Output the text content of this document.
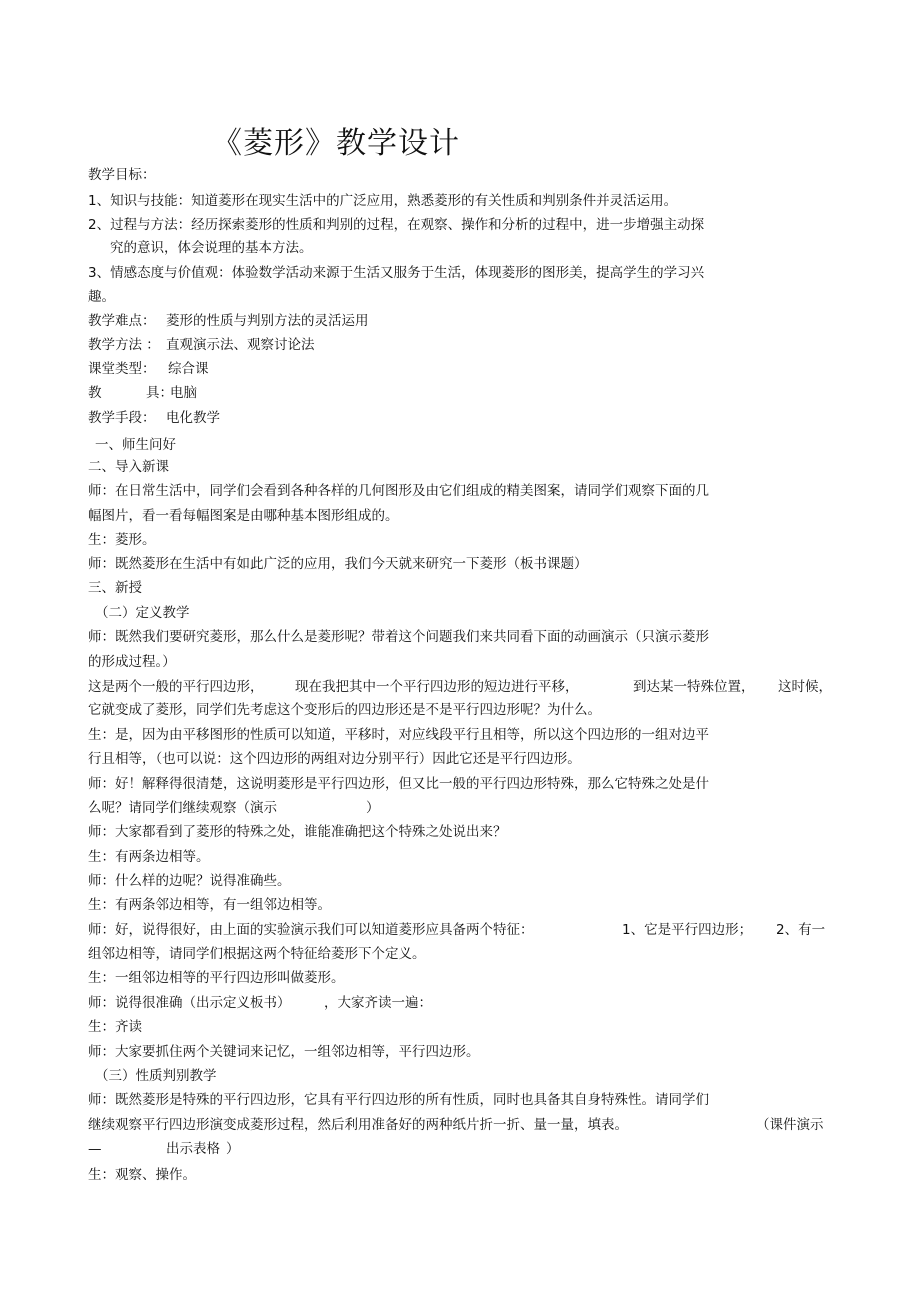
《菱形》教学设计
教学目标：
1、知识与技能：知道菱形在现实生活中的广泛应用，熟悉菱形的有关性质和判别条件并灵活运用。
2、过程与方法：经历探索菱形的性质和判别的过程，在观察、操作和分析的过程中，进一步增强主动探
究的意识，体会说理的基本方法。
3、情感态度与价值观：体验数学活动来源于生活又服务于生活，体现菱形的图形美，提高学生的学习兴
趣。
教学难点： 菱形的性质与判别方法的灵活运用
教学方法 ： 直观演示法、观察讨论法
课堂类型： 综合课
教	具：
电脑
教学手段： 电化教学
一、师生问好
二、导入新课
师：在日常生活中，同学们会看到各种各样的几何图形及由它们组成的精美图案，请同学们观察下面的几
幅图片，看一看每幅图案是由哪种基本图形组成的。
生：菱形。
师：既然菱形在生活中有如此广泛的应用，我们今天就来研究一下菱形（板书课题）
三、新授
（二）定义教学
师：既然我们要研究菱形，那么什么是菱形呢？带着这个问题我们来共同看下面的动画演示（只演示菱形
的形成过程。）
这是两个一般的平行四边形， 现在我把其中一个平行四边形的短边进行平移，	到达某一特殊位置， 这时候，
它就变成了菱形，同学们先考虑这个变形后的四边形还是不是平行四边形呢？为什么。
生：是，因为由平移图形的性质可以知道，平移时，对应线段平行且相等，所以这个四边形的一组对边平
行且相等，（也可以说：这个四边形的两组对边分别平行）因此它还是平行四边形。
师：好！解释得很清楚，这说明菱形是平行四边形，但又比一般的平行四边形特殊，那么它特殊之处是什
么呢？请同学们继续观察（演示	）
师：大家都看到了菱形的特殊之处，谁能准确把这个特殊之处说出来？
生：有两条边相等。
师：什么样的边呢？说得准确些。
生：有两条邻边相等，有一组邻边相等。
师：好，说得很好，由上面的实验演示我们可以知道菱形应具备两个特征：	1、它是平行四边形； 2、有一
组邻边相等，请同学们根据这两个特征给菱形下个定义。
生：一组邻边相等的平行四边形叫做菱形。
师：说得很准确（出示定义板书） ，大家齐读一遍：
生：齐读
师：大家要抓住两个关键词来记忆，一组邻边相等，平行四边形。
（三）性质判别教学
师：既然菱形是特殊的平行四边形，它具有平行四边形的所有性质，同时也具备其自身特殊性。请同学们
继续观察平行四边形演变成菱形过程，然后利用准备好的两种纸片折一折、量一量，填表。	（课件演示
—	出示表格 ）
生：观察、操作。
